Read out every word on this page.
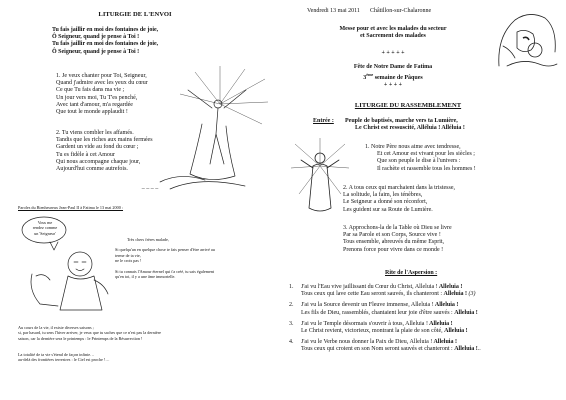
LITURGIE DE L'ENVOI
Tu fais jaillir en moi des fontaines de joie,
Ô Seigneur, quand je pense à Toi !
Tu fais jaillir en moi des fontaines de joie,
Ô Seigneur, quand je pense à Toi !
1. Je veux chanter pour Toi, Seigneur,
Quand j'admire avec les yeux du cœur
Ce que Tu fais dans ma vie ;
Un jour vers moi, Tu T'es penché,
Avec tant d'amour, m'a regardée
Que tout le monde applaudit !
2. Tu viens combler les affamés.
Tandis que les riches aux mains fermées
Gardent un vide au fond du cœur ;
Tu es fidèle à cet Amour
Qui nous accompagne chaque jour,
Aujourd'hui comme autrefois.
– – – –
Paroles du Bienheureux Jean-Paul II à Fatima le 13 mai 2000 :
Vous me
rendez comme
un 'Seigneur'
Très chers frères malade,
Si quelqu'un en quelque chose te fais penser d'être arrivé au
terme de ta vie,
ne le crois pas !
Si tu connais l'Amour éternel qui t'a créé, tu sais également
qu'en toi, il y a une âme immortelle.
Au cours de la vie, il existe diverses saisons ;
si, par hasard, tu sens l'hiver arriver, je veux que tu saches que ce n'est pas la dernière
saison, car la dernière sera le printemps : le Printemps de la Résurrection !
La totalité de ta vie s'étend de façon infinie…
au-delà des frontières terrestres : le Ciel est proche !…
Vendredi 13 mai 2011 Châtillon-sur-Chalaronne
Messe pour et avec les malades du secteur
et Sacrement des malades
+ + + + +
Fête de Notre Dame de Fatima
3ème semaine de Pâques
+ + + +
LITURGIE DU RASSEMBLEMENT
Entrée : Peuple de baptisés, marche vers ta Lumière,
Le Christ est ressuscité, Alléluia ! Alléluia !
1. Notre Père nous aime avec tendresse,
Et cet Amour est vivant pour les siècles ;
Que son peuple le dise à l'univers :
Il rachète et rassemble tous les hommes !
2. A tous ceux qui marchaient dans la tristesse,
La solitude, la faim, les ténèbres,
Le Seigneur a donné son réconfort,
Les guident sur sa Route de Lumière.
3. Approchons-la de la Table où Dieu se livre
Par sa Parole et son Corps, Source vive !
Tous ensemble, abreuvés du même Esprit,
Prenons force pour vivre dans ce monde !
Rite de l'Aspersion :
1. J'ai vu l'Eau vive jaillissant du Cœur du Christ, Alleluia ! Alleluia !
Tous ceux qui lave cette Eau seront sauvés, ils chanteront : Alleluia ! (3)
2. J'ai vu la Source devenir un Fleuve immense, Alleluia ! Alleluia !
Les fils de Dieu, rassemblés, chantaient leur joie d'être sauvés : Alleluia !
3. J'ai vu le Temple désormais s'ouvrir à tous, Alleluia ! Alleluia !
Le Christ revient, victorieux, montrant la plaie de son côté, Alleluia !
4. J'ai vu le Verbe nous donner la Paix de Dieu, Alleluia ! Alleluia !
Tous ceux qui croient en son Nom seront sauvés et chanteront : Alleluia !..
